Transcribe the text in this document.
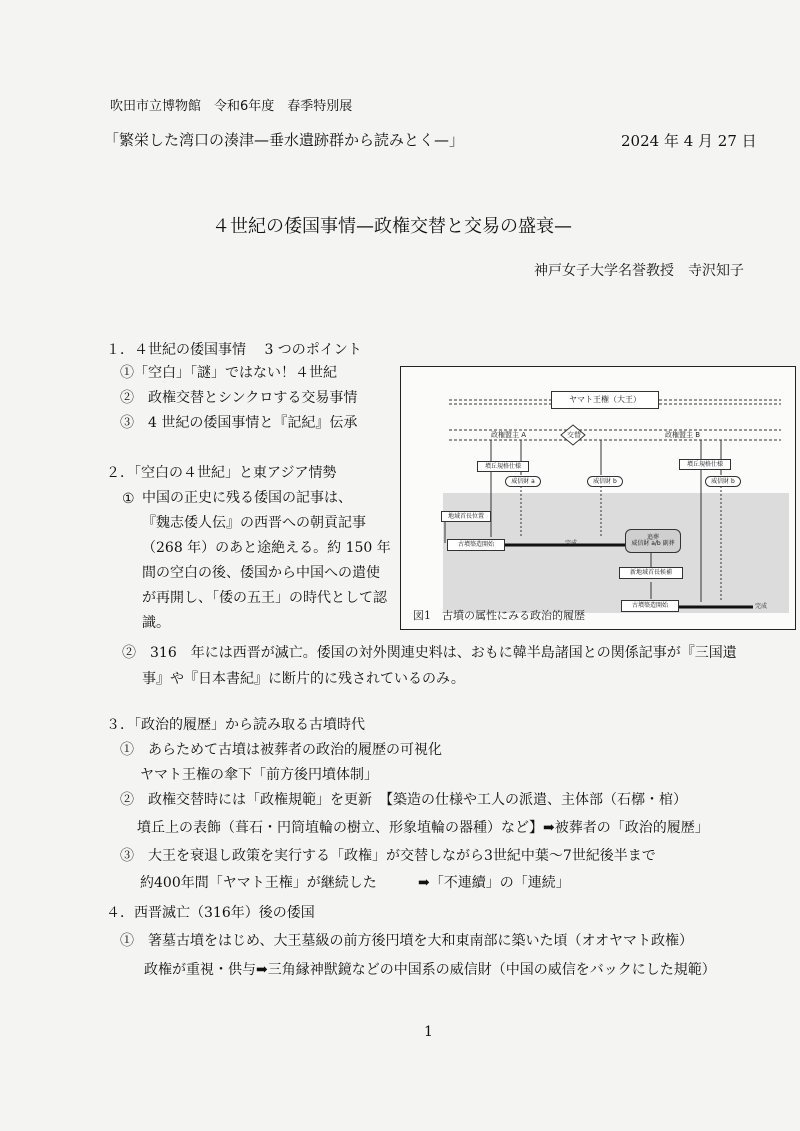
吹田市立博物館　令和6年度　春季特別展
「繁栄した湾口の湊津—垂水遺跡群から読みとく—」	2024 年 4 月 27 日
４世紀の倭国事情—政権交替と交易の盛衰—
神戸女子大学名誉教授　寺沢知子
１．４世紀の倭国事情　 3 つのポイント
①「空白」「謎」ではない！４世紀
②　政権交替とシンクロする交易事情
③　4 世紀の倭国事情と『記紀』伝承
２．「空白の４世紀」と東アジア情勢
① 中国の正史に残る倭国の記事は、
『魏志倭人伝』の西晋への朝貢記事
（268 年）のあと途絶える。約 150 年
間の空白の後、倭国から中国への遣使
が再開し、「倭の五王」の時代として認
識。
②　316　年には西晋が滅亡。倭国の対外関連史料は、おもに韓半島諸国との関係記事が『三国遺
事』や『日本書紀』に断片的に残されているのみ。
ヤマト王権（大王）
政権盟主 A	政権盟主 B
交替
墳丘規格仕様
威信財 a	威信財 b
墳丘規格仕様
威信財 b
地域首長位置
古墳築造開始	完成
追葬
威信財 a/b 副葬
新地域首長候補
古墳築造開始	完成
図1　古墳の属性にみる政治的履歴
３．「政治的履歴」から読み取る古墳時代
①　あらためて古墳は被葬者の政治的履歴の可視化
ヤマト王権の傘下「前方後円墳体制」
②　政権交替時には「政権規範」を更新　【築造の仕様や工人の派遣、主体部（石槨・棺）
墳丘上の表飾（葺石・円筒埴輪の樹立、形象埴輪の器種）など】➡被葬者の「政治的履歴」
③　大王を衰退し政策を実行する「政権」が交替しながら3世紀中葉〜7世紀後半まで
約400年間「ヤマト王権」が継続した	➡「不連續」の「連続」
４．西晋滅亡（316年）後の倭国
①　箸墓古墳をはじめ、大王墓級の前方後円墳を大和東南部に築いた頃（オオヤマト政権）
政権が重視・供与➡三角縁神獣鏡などの中国系の威信財（中国の威信をバックにした規範）
1
